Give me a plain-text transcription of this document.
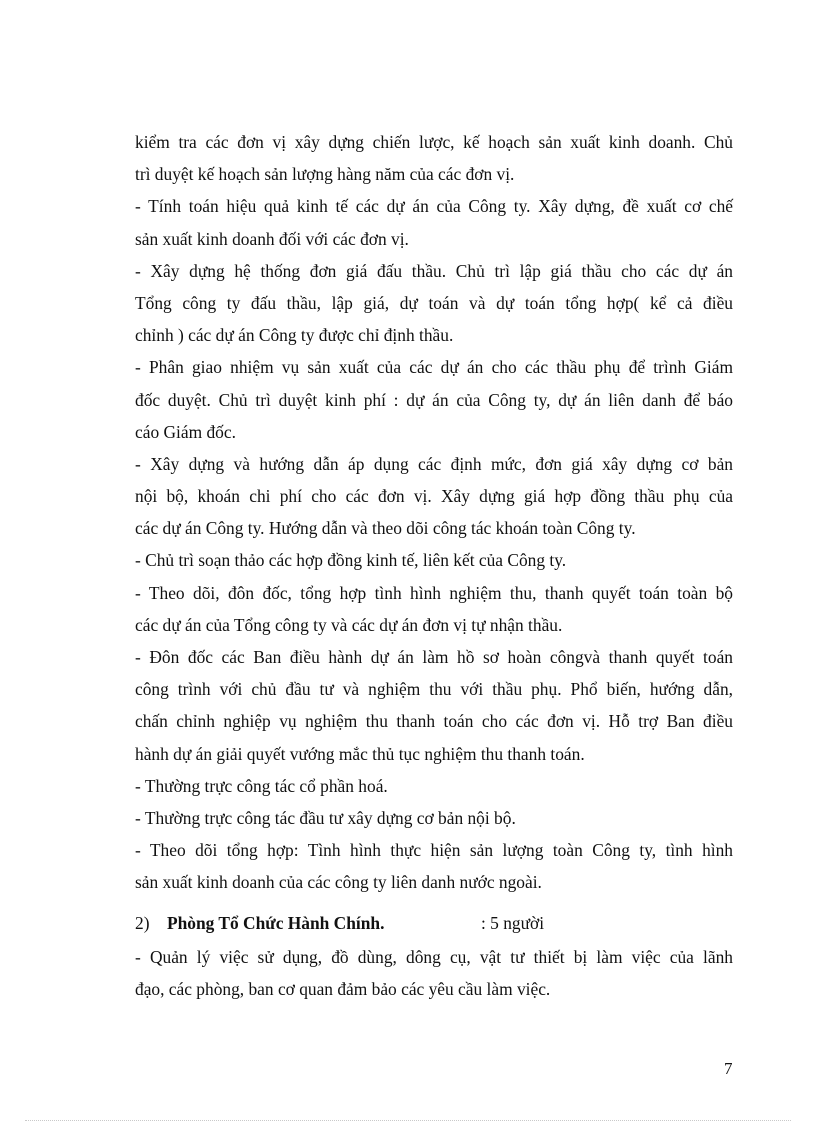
kiểm tra các đơn vị xây dựng chiến lược, kế hoạch sản xuất kinh doanh. Chủ
trì duyệt kế hoạch sản lượng hàng năm của các đơn vị.
- Tính toán hiệu quả kinh tế các dự án của Công ty. Xây dựng, đề xuất cơ chế
sản xuất kinh doanh đối với các đơn vị.
- Xây dựng hệ thống đơn giá đấu thầu. Chủ trì lập giá thầu cho các dự án
Tổng công ty đấu thầu, lập giá, dự toán và dự toán tổng hợp( kể cả điều
chỉnh ) các dự án Công ty được chỉ định thầu.
- Phân giao nhiệm vụ sản xuất của các dự án cho các thầu phụ để trình Giám
đốc duyệt. Chủ trì duyệt kinh phí : dự án của Công ty, dự án liên danh để báo
cáo Giám đốc.
- Xây dựng và hướng dẫn áp dụng các định mức, đơn giá xây dựng cơ bản
nội bộ, khoán chi phí cho các đơn vị. Xây dựng giá hợp đồng thầu phụ của
các dự án Công ty. Hướng dẫn và theo dõi công tác khoán toàn Công ty.
- Chủ trì soạn thảo các hợp đồng kinh tế, liên kết của Công ty.
- Theo dõi, đôn đốc, tổng hợp tình hình nghiệm thu, thanh quyết toán toàn bộ
các dự án của Tổng công ty và các dự án đơn vị tự nhận thầu.
- Đôn đốc các Ban điều hành dự án làm hồ sơ hoàn côngvà thanh quyết toán
công trình với chủ đầu tư và nghiệm thu với thầu phụ. Phổ biến, hướng dẫn,
chấn chỉnh nghiệp vụ nghiệm thu thanh toán cho các đơn vị. Hỗ trợ Ban điều
hành dự án giải quyết vướng mắc thủ tục nghiệm thu thanh toán.
- Thường trực công tác cổ phần hoá.
- Thường trực công tác đầu tư xây dựng cơ bản nội bộ.
- Theo dõi tổng hợp: Tình hình thực hiện sản lượng toàn Công ty, tình hình
sản xuất kinh doanh của các công ty liên danh nước ngoài.
2) Phòng Tổ Chức Hành Chính.	: 5 người
- Quản lý việc sử dụng, đồ dùng, dông cụ, vật tư thiết bị làm việc của lãnh
đạo, các phòng, ban cơ quan đảm bảo các yêu cầu làm việc.
7
